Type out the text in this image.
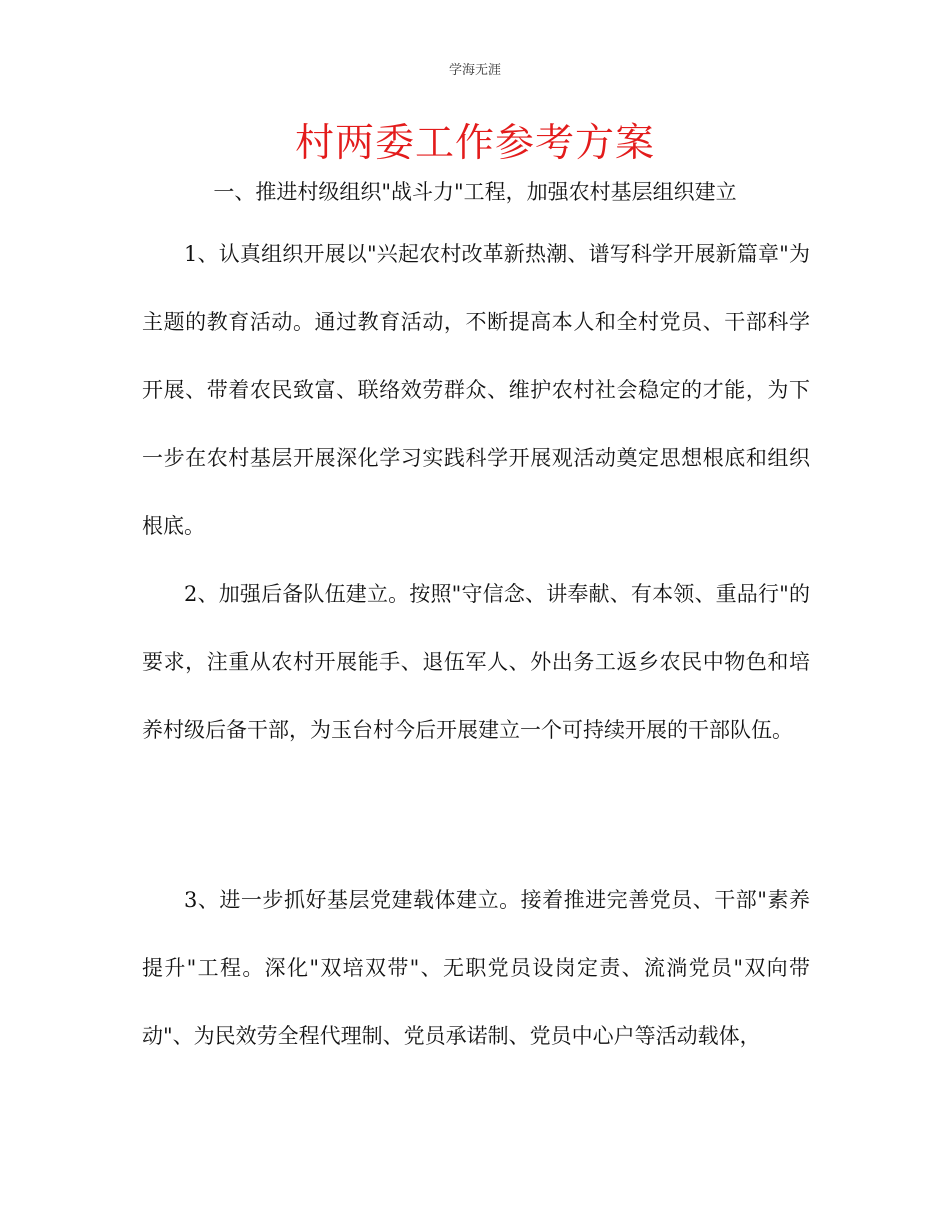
学海无涯
村两委工作参考方案
一、推进村级组织"战斗力"工程，加强农村基层组织建立

1、认真组织开展以"兴起农村改革新热潮、谱写科学开展新篇章"为主题的教育活动。通过教育活动，不断提高本人和全村党员、干部科学开展、带着农民致富、联络效劳群众、维护农村社会稳定的才能，为下一步在农村基层开展深化学习实践科学开展观活动奠定思想根底和组织根底。

2、加强后备队伍建立。按照"守信念、讲奉献、有本领、重品行"的要求，注重从农村开展能手、退伍军人、外出务工返乡农民中物色和培养村级后备干部，为玉台村今后开展建立一个可持续开展的干部队伍。

3、进一步抓好基层党建载体建立。接着推进完善党员、干部"素养提升"工程。深化"双培双带"、无职党员设岗定责、流淌党员"双向带动"、为民效劳全程代理制、党员承诺制、党员中心户等活动载体，
